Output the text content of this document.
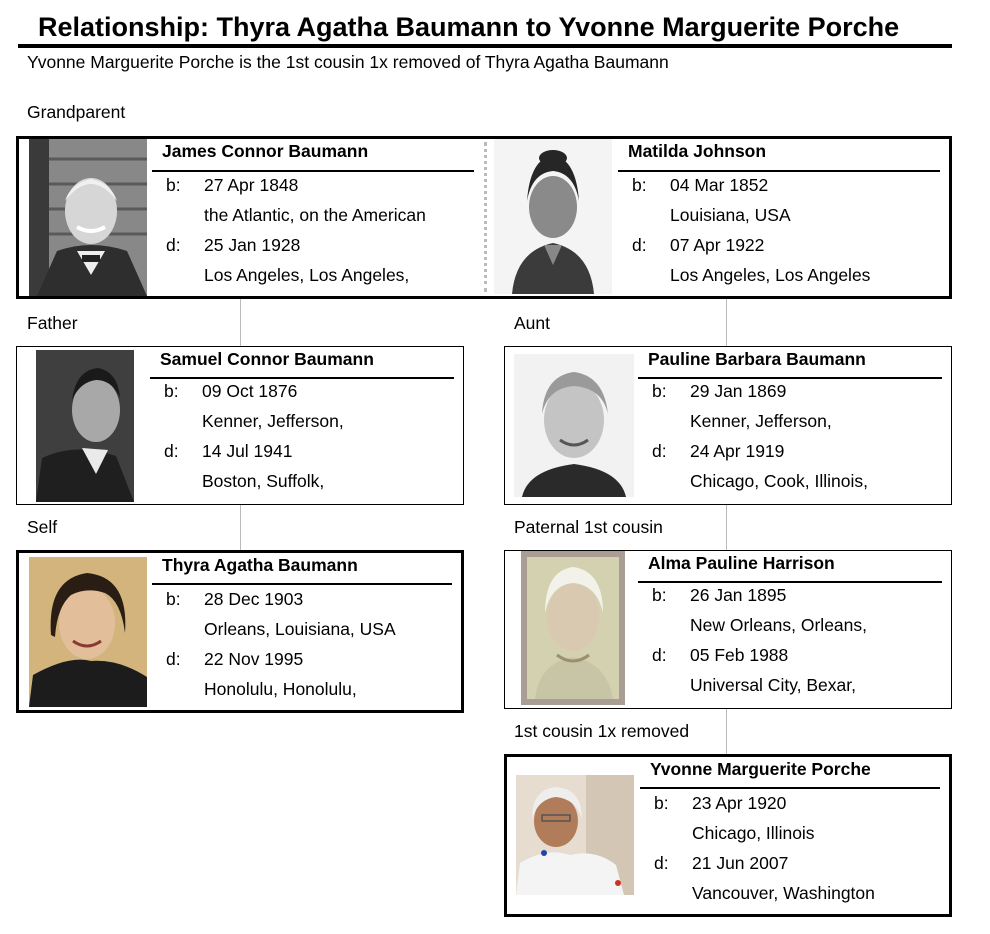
Relationship: Thyra Agatha Baumann to Yvonne Marguerite Porche
Yvonne Marguerite Porche is the 1st cousin 1x removed of Thyra Agatha Baumann
Grandparent
Father	Aunt
Self	Paternal 1st cousin
1st cousin 1x removed
James Connor Baumann
b:	27 Apr 1848
the Atlantic, on the American
d:	25 Jan 1928
Los Angeles, Los Angeles,
Matilda Johnson
b:	04 Mar 1852
Louisiana, USA
d:	07 Apr 1922
Los Angeles, Los Angeles
Samuel Connor Baumann
b:	09 Oct 1876
Kenner, Jefferson,
d:	14 Jul 1941
Boston, Suffolk,
Pauline Barbara Baumann
b:	29 Jan 1869
Kenner, Jefferson,
d:	24 Apr 1919
Chicago, Cook, Illinois,
Thyra Agatha Baumann
b:	28 Dec 1903
Orleans, Louisiana, USA
d:	22 Nov 1995
Honolulu, Honolulu,
Alma Pauline Harrison
b:	26 Jan 1895
New Orleans, Orleans,
d:	05 Feb 1988
Universal City, Bexar,
Yvonne Marguerite Porche
b:	23 Apr 1920
Chicago, Illinois
d:	21 Jun 2007
Vancouver, Washington
